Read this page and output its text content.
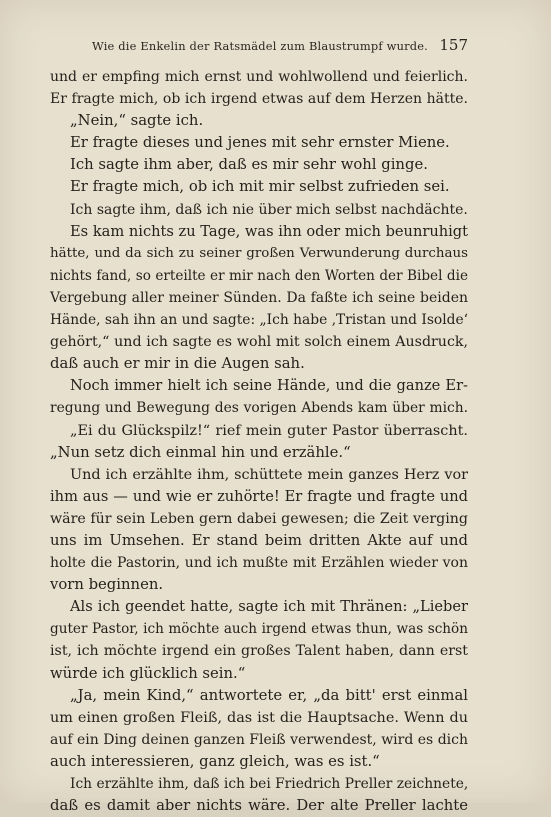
Wie die Enkelin der Ratsmädel zum Blaustrumpf wurde. 157
und er empfing mich ernst und wohlwollend und feierlich.
Er fragte mich, ob ich irgend etwas auf dem Herzen hätte.
„Nein,“ sagte ich.
Er fragte dieses und jenes mit sehr ernster Miene.
Ich sagte ihm aber, daß es mir sehr wohl ginge.
Er fragte mich, ob ich mit mir selbst zufrieden sei.
Ich sagte ihm, daß ich nie über mich selbst nachdächte.
Es kam nichts zu Tage, was ihn oder mich beunruhigt
hätte, und da sich zu seiner großen Verwunderung durchaus
nichts fand, so erteilte er mir nach den Worten der Bibel die
Vergebung aller meiner Sünden. Da faßte ich seine beiden
Hände, sah ihn an und sagte: „Ich habe ‚Tristan und Isolde‘
gehört,“ und ich sagte es wohl mit solch einem Ausdruck,
daß auch er mir in die Augen sah.
Noch immer hielt ich seine Hände, und die ganze Er-
regung und Bewegung des vorigen Abends kam über mich.
„Ei du Glückspilz!“ rief mein guter Pastor überrascht.
„Nun setz dich einmal hin und erzähle.“
Und ich erzählte ihm, schüttete mein ganzes Herz vor
ihm aus — und wie er zuhörte! Er fragte und fragte und
wäre für sein Leben gern dabei gewesen; die Zeit verging
uns im Umsehen. Er stand beim dritten Akte auf und
holte die Pastorin, und ich mußte mit Erzählen wieder von
vorn beginnen.
Als ich geendet hatte, sagte ich mit Thränen: „Lieber
guter Pastor, ich möchte auch irgend etwas thun, was schön
ist, ich möchte irgend ein großes Talent haben, dann erst
würde ich glücklich sein.“
„Ja, mein Kind,“ antwortete er, „da bitt' erst einmal
um einen großen Fleiß, das ist die Hauptsache. Wenn du
auf ein Ding deinen ganzen Fleiß verwendest, wird es dich
auch interessieren, ganz gleich, was es ist.“
Ich erzählte ihm, daß ich bei Friedrich Preller zeichnete,
daß es damit aber nichts wäre. Der alte Preller lachte
